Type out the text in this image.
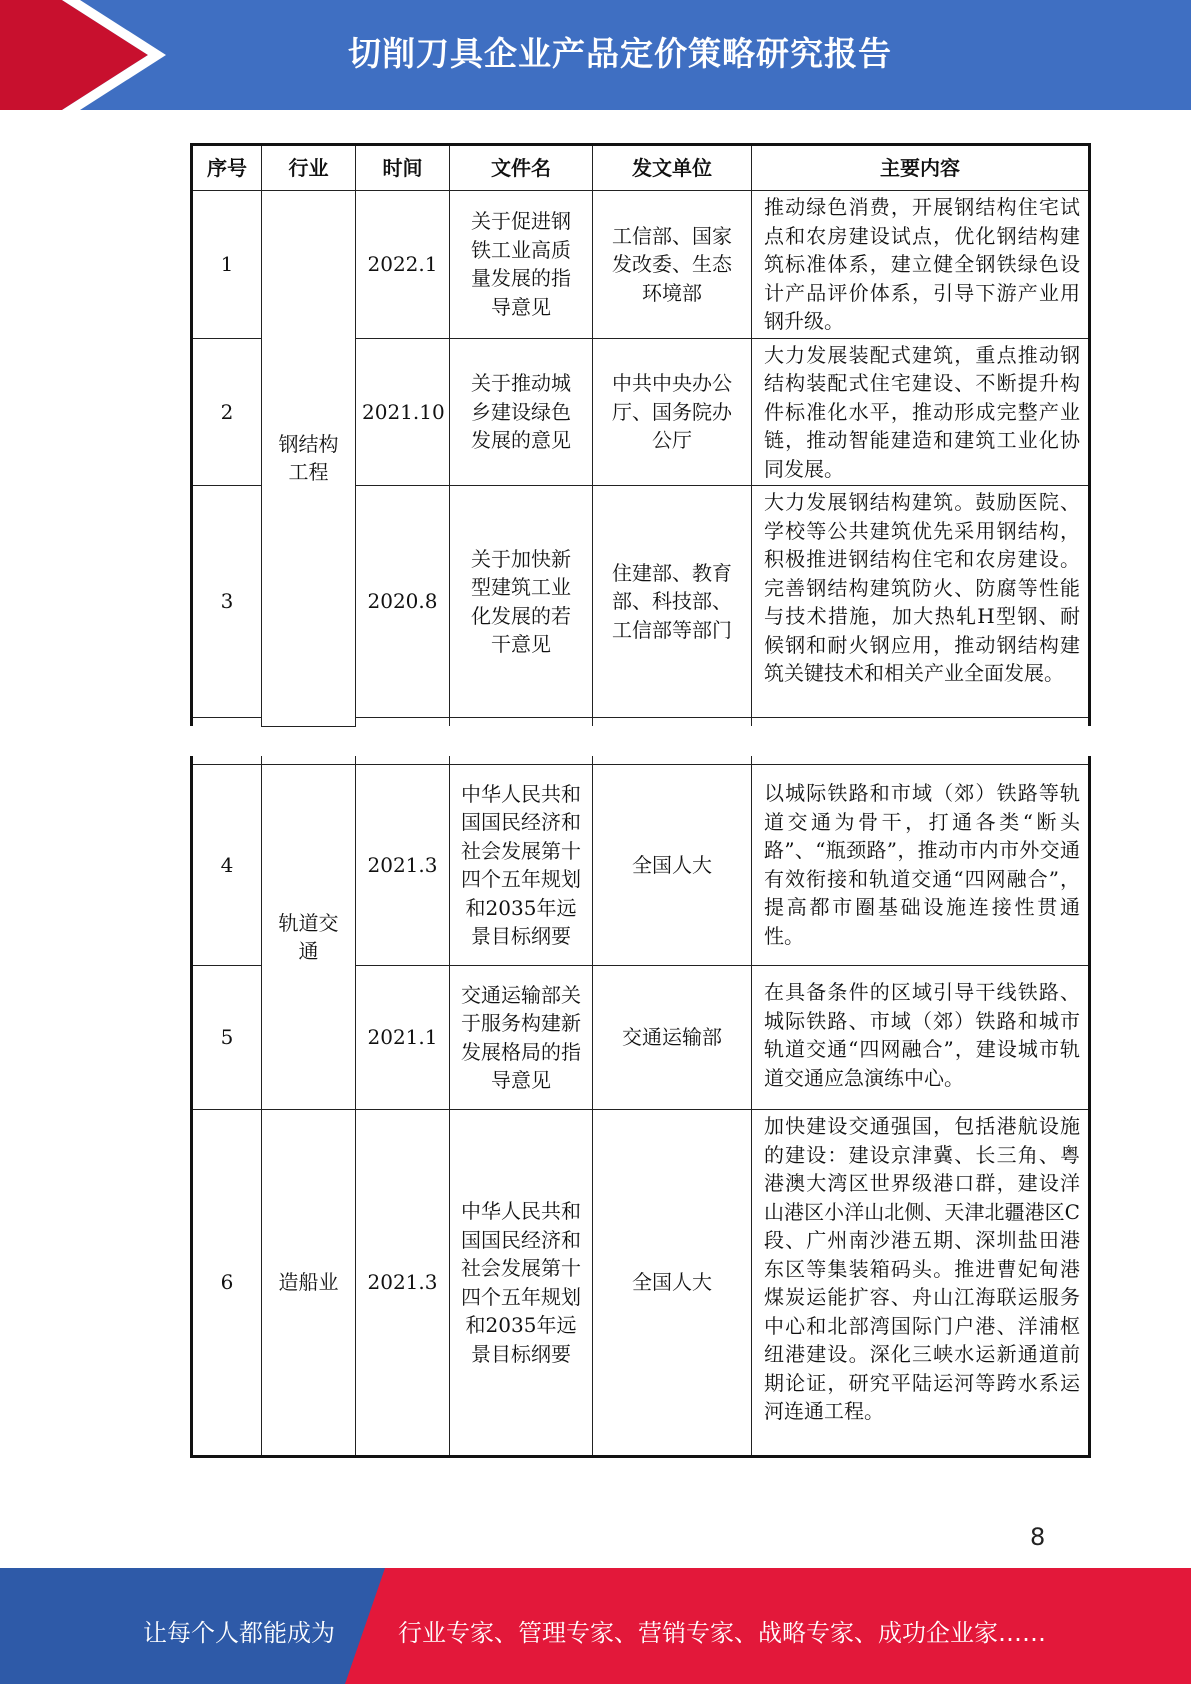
切削刀具企业产品定价策略研究报告
序号	行业	时间	文件名	发文单位	主要内容
1	钢结构工程	2022.1	关于促进钢铁工业高质量发展的指导意见	工信部、国家发改委、生态环境部	推动绿色消费，开展钢结构住宅试点和农房建设试点，优化钢结构建筑标准体系，建立健全钢铁绿色设计产品评价体系，引导下游产业用钢升级。
2		2021.10	关于推动城乡建设绿色发展的意见	中共中央办公厅、国务院办公厅	大力发展装配式建筑，重点推动钢结构装配式住宅建设、不断提升构件标准化水平，推动形成完整产业链，推动智能建造和建筑工业化协同发展。
3		2020.8	关于加快新型建筑工业化发展的若干意见	住建部、教育部、科技部、工信部等部门	大力发展钢结构建筑。鼓励医院、学校等公共建筑优先采用钢结构，积极推进钢结构住宅和农房建设。完善钢结构建筑防火、防腐等性能与技术措施，加大热轧H型钢、耐候钢和耐火钢应用，推动钢结构建筑关键技术和相关产业全面发展。

4	轨道交通	2021.3	中华人民共和国国民经济和社会发展第十四个五年规划和2035年远景目标纲要	全国人大	以城际铁路和市域（郊）铁路等轨道交通为骨干，打通各类“断头路”、“瓶颈路”，推动市内市外交通有效衔接和轨道交通“四网融合”，提高都市圈基础设施连接性贯通性。
5		2021.1	交通运输部关于服务构建新发展格局的指导意见	交通运输部	在具备条件的区域引导干线铁路、城际铁路、市域（郊）铁路和城市轨道交通“四网融合”，建设城市轨道交通应急演练中心。
6	造船业	2021.3	中华人民共和国国民经济和社会发展第十四个五年规划和2035年远景目标纲要	全国人大	加快建设交通强国，包括港航设施的建设：建设京津冀、长三角、粤港澳大湾区世界级港口群，建设洋山港区小洋山北侧、天津北疆港区C段、广州南沙港五期、深圳盐田港东区等集装箱码头。推进曹妃甸港煤炭运能扩容、舟山江海联运服务中心和北部湾国际门户港、洋浦枢纽港建设。深化三峡水运新通道前期论证，研究平陆运河等跨水系运河连通工程。
8
让每个人都能成为	行业专家、管理专家、营销专家、战略专家、成功企业家……
